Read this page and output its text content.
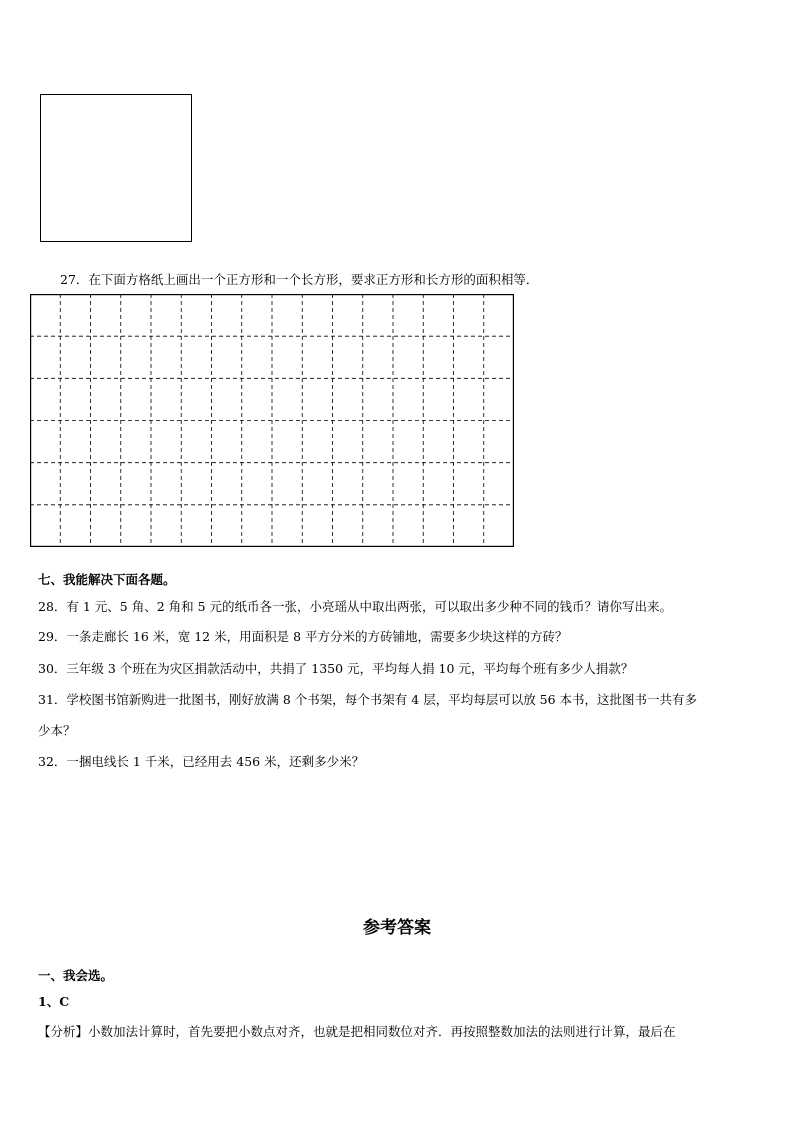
27．在下面方格纸上画出一个正方形和一个长方形，要求正方形和长方形的面积相等．
七、我能解决下面各题。
28．有 1 元、5 角、2 角和 5 元的纸币各一张，小亮瑶从中取出两张，可以取出多少种不同的钱币？请你写出来。
29．一条走廊长 16 米，宽 12 米，用面积是 8 平方分米的方砖铺地，需要多少块这样的方砖？
30．三年级 3 个班在为灾区捐款活动中，共捐了 1350 元，平均每人捐 10 元，平均每个班有多少人捐款？
31．学校图书馆新购进一批图书，刚好放满 8 个书架，每个书架有 4 层，平均每层可以放 56 本书，这批图书一共有多
少本？
32．一捆电线长 1 千米，已经用去 456 米，还剩多少米？
参考答案
一、我会选。
1、C
【分析】小数加法计算时，首先要把小数点对齐，也就是把相同数位对齐．再按照整数加法的法则进行计算，最后在
